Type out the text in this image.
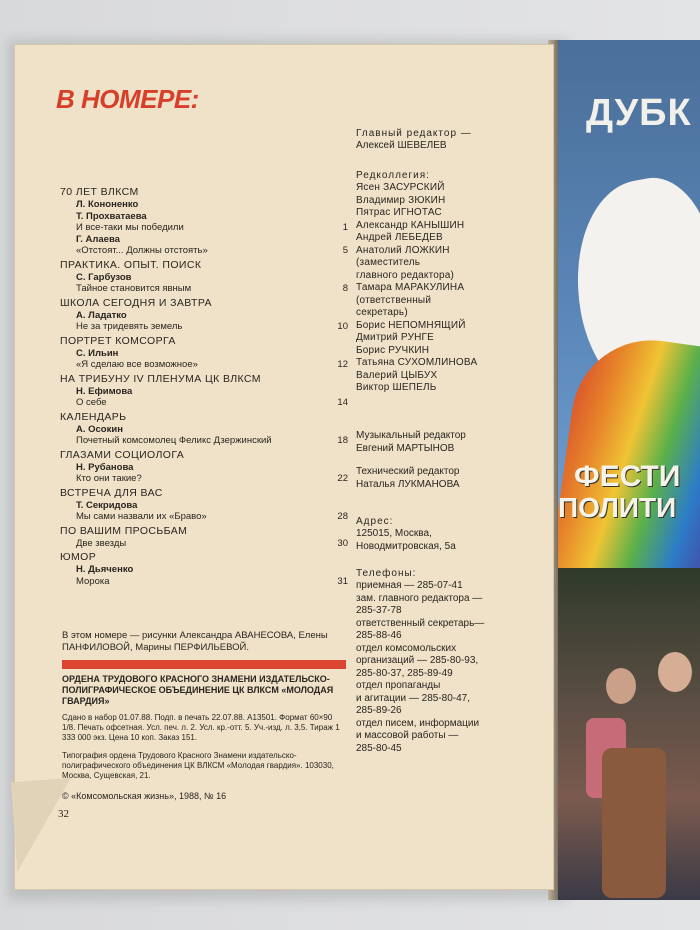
ДУБК
ФЕСТИ
ПОЛИТИ
В НОМЕРЕ:
70 ЛЕТ ВЛКСМ
Л. Кононенко
Т. Прохватаева
И все-таки мы победили	1
Г. Алаева
«Отстоят... Должны отстоять»	5
ПРАКТИКА. ОПЫТ. ПОИСК
С. Гарбузов
Тайное становится явным	8
ШКОЛА СЕГОДНЯ И ЗАВТРА
А. Ладатко
Не за тридевять земель	10
ПОРТРЕТ КОМСОРГА
С. Ильин
«Я сделаю все возможное»	12
НА ТРИБУНУ IV ПЛЕНУМА ЦК ВЛКСМ
Н. Ефимова
О себе	14
КАЛЕНДАРЬ
А. Осокин
Почетный комсомолец Феликс Дзержинский	18
ГЛАЗАМИ СОЦИОЛОГА
Н. Рубанова
Кто они такие?	22
ВСТРЕЧА ДЛЯ ВАС
Т. Секридова
Мы сами назвали их «Браво»	28
ПО ВАШИМ ПРОСЬБАМ
Две звезды	30
ЮМОР
Н. Дьяченко
Морока	31
В этом номере — рисунки Александра АВАНЕСОВА, Елены ПАНФИЛОВОЙ, Марины ПЕРФИЛЬЕВОЙ.
ОРДЕНА ТРУДОВОГО КРАСНОГО ЗНАМЕНИ ИЗДАТЕЛЬСКО-ПОЛИГРАФИЧЕСКОЕ ОБЪЕДИНЕНИЕ ЦК ВЛКСМ «МОЛОДАЯ ГВАРДИЯ»
Сдано в набор 01.07.88. Подп. в печать 22.07.88. А13501. Формат 60×90 1/8. Печать офсетная. Усл. печ. л. 2. Усл. кр.-отт. 5. Уч.-изд. л. 3,5. Тираж 1 333 000 экз. Цена 10 коп. Заказ 151.
Типография ордена Трудового Красного Знамени издательско-полиграфического объединения ЦК ВЛКСМ «Молодая гвардия». 103030, Москва, Сущевская, 21.
© «Комсомольская жизнь», 1988, № 16
32
Главный редактор —
Алексей ШЕВЕЛЕВ
Редколлегия:
Ясен ЗАСУРСКИЙ
Владимир ЗЮКИН
Пятрас ИГНОТАС
Александр КАНЫШИН
Андрей ЛЕБЕДЕВ
Анатолий ЛОЖКИН
(заместитель
главного редактора)
Тамара МАРАКУЛИНА
(ответственный
секретарь)
Борис НЕПОМНЯЩИЙ
Дмитрий РУНГЕ
Борис РУЧКИН
Татьяна СУХОМЛИНОВА
Валерий ЦЫБУХ
Виктор ШЕПЕЛЬ
Музыкальный редактор
Евгений МАРТЫНОВ
Технический редактор
Наталья ЛУКМАНОВА
Адрес:
125015, Москва,
Новодмитровская, 5а
Телефоны:
приемная — 285-07-41
зам. главного редактора —
285-37-78
ответственный секретарь—
285-88-46
отдел комсомольских
организаций — 285-80-93,
285-80-37, 285-89-49
отдел пропаганды
и агитации — 285-80-47,
285-89-26
отдел писем, информации
и массовой работы —
285-80-45
